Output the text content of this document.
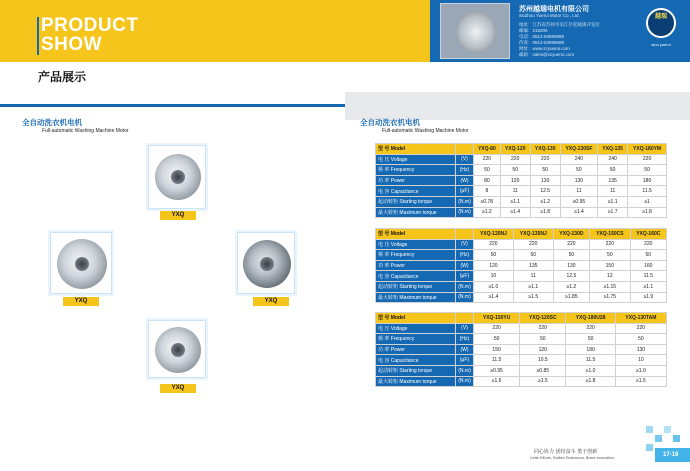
PRODUCT
SHOW
苏州越瑞电机有限公司
SuZhou Yuerui Motor Co., Ltd.
地址：江苏省苏州市吴江区松陵镇开发区
邮编：215200
电话：0512-63999999
传真：0512-63999998
网址：www.szyuerui.com
邮箱：sales@szyuerui.com
越瑞
sino yuerui
产品展示
全自动洗衣机电机
Full-automatic Washing Machine Motor
全自动洗衣机电机
Full-automatic Washing Machine Motor
YXQ
YXQ	YXQ
YXQ
型 号 Model		YXQ-80	YXQ-120	YXQ-130	YXQ-130SF	YXQ-135	YXQ-180YM
电 压 Voltage	(V)	220	220	220	240	240	220
频 率 Frequency	(Hz)	50	50	50	50	50	50
功 率 Power	(W)	80	120	130	130	135	180
电 容 Capacitance	(μF)	8	11	12.5	11	11	11.5
起动转矩 Starting torque	(N.m)	≥0.78	≥1.1	≥1.2	≥0.95	≥1.1	≥1
最大转矩 Maximum torque	(N.m)	≥1.2	≥1.4	≥1.8	≥1.4	≥1.7	≥1.8
型 号 Model		YXQ-120NJ	YXQ-135NJ	YXQ-130D	YXQ-150CS	YXQ-160C
电 压 Voltage	(V)	220	220	220	220	220
频 率 Frequency	(Hz)	50	50	50	50	50
功 率 Power	(W)	120	135	130	150	160
电 容 Capacitance	(μF)	10	11	12.5	12	11.5
起动转矩 Starting torque	(N.m)	≥1.0	≥1.1	≥1.2	≥1.15	≥1.1
最大转矩 Maximum torque	(N.m)	≥1.4	≥1.5	≥1.85	≥1.75	≥1.9
型 号 Model		YXQ-150YU	YXQ-120SC	YXQ-180U28	YXQ-130TAM
电 压 Voltage	(V)	220	220	220	220
频 率 Frequency	(Hz)	50	50	50	50
功 率 Power	(W)	150	120	180	130
电 容 Capacitance	(μF)	11.5	10.5	11.5	10
起动转矩 Starting torque	(N.m)	≥0.95	≥0.85	≥1.0	≥1.0
最大转矩 Maximum torque	(N.m)	≥1.6	≥1.5	≥1.8	≥1.5
同心协力 团结奋斗 勇于创新
Unite Efforts, Rallied Endeavour, Brave Innovation	17-18
